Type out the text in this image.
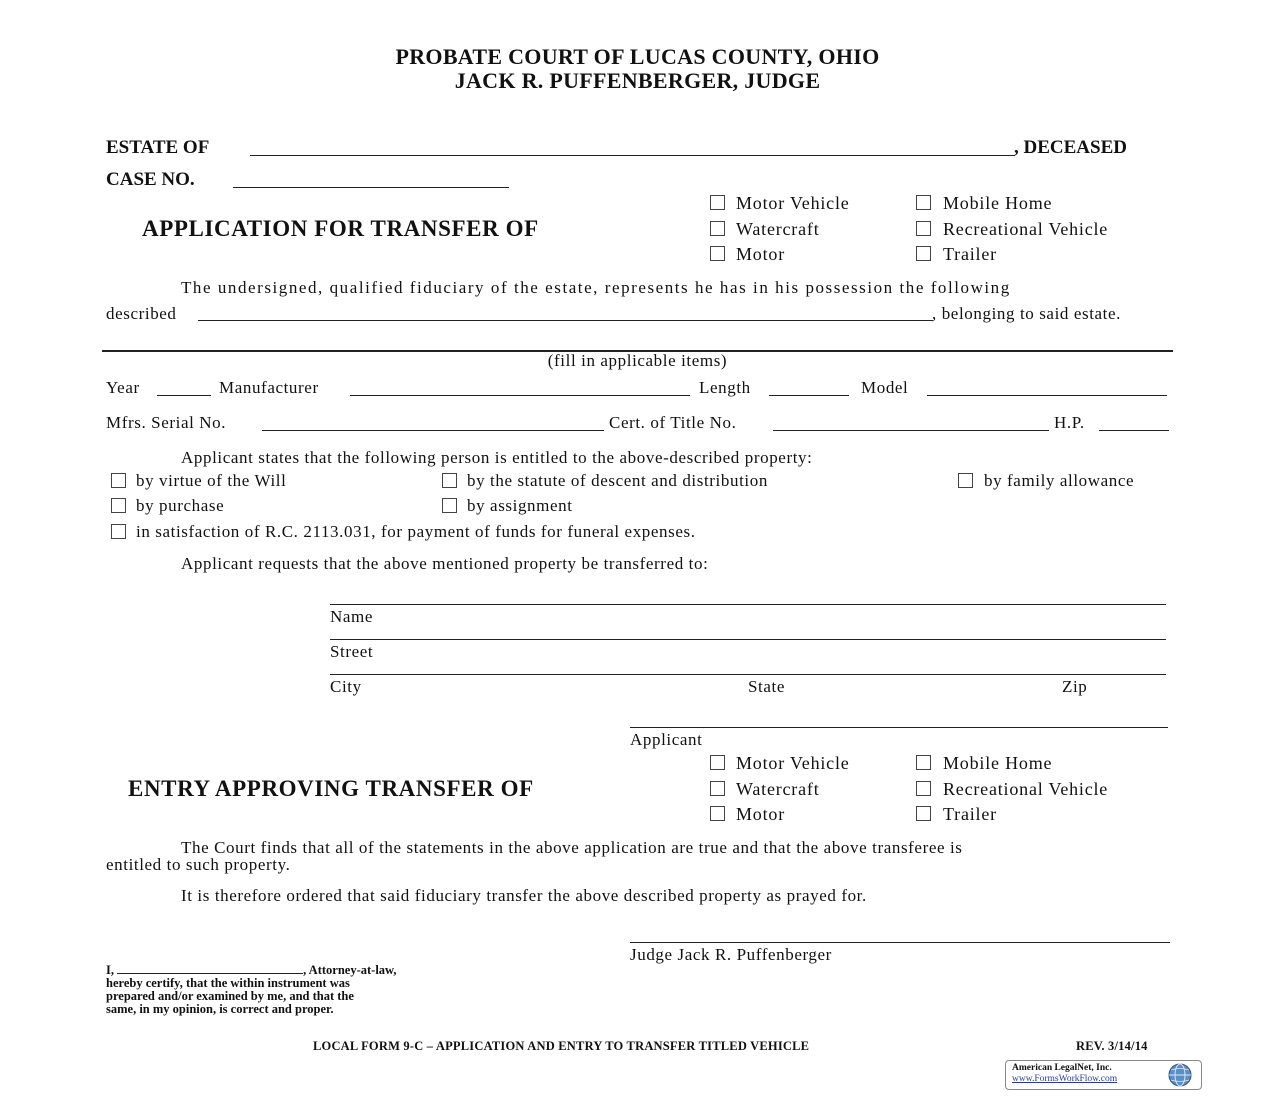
PROBATE COURT OF LUCAS COUNTY, OHIO
JACK R. PUFFENBERGER, JUDGE
ESTATE OF	, DECEASED
CASE NO.
APPLICATION FOR TRANSFER OF
Motor Vehicle
Watercraft
Motor
Mobile Home
Recreational Vehicle
Trailer
The undersigned, qualified fiduciary of the estate, represents he has in his possession the following
described	, belonging to said estate.
(fill in applicable items)
Year	Manufacturer	Length	Model
Mfrs. Serial No.	Cert. of Title No.	H.P.
Applicant states that the following person is entitled to the above-described property:
by virtue of the Will	by the statute of descent and distribution	by family allowance
by purchase	by assignment
in satisfaction of R.C. 2113.031, for payment of funds for funeral expenses.
Applicant requests that the above mentioned property be transferred to:
Name
Street
City	State	Zip
Applicant
ENTRY APPROVING TRANSFER OF
Motor Vehicle
Watercraft
Motor
Mobile Home
Recreational Vehicle
Trailer
The Court finds that all of the statements in the above application are true and that the above transferee is
entitled to such property.
It is therefore ordered that said fiduciary transfer the above described property as prayed for.
Judge Jack R. Puffenberger
I,	, Attorney-at-law,
hereby certify, that the within instrument was
prepared and/or examined by me, and that the
same, in my opinion, is correct and proper.
LOCAL FORM 9-C – APPLICATION AND ENTRY TO TRANSFER TITLED VEHICLE	REV. 3/14/14
American LegalNet, Inc.
www.FormsWorkFlow.com
